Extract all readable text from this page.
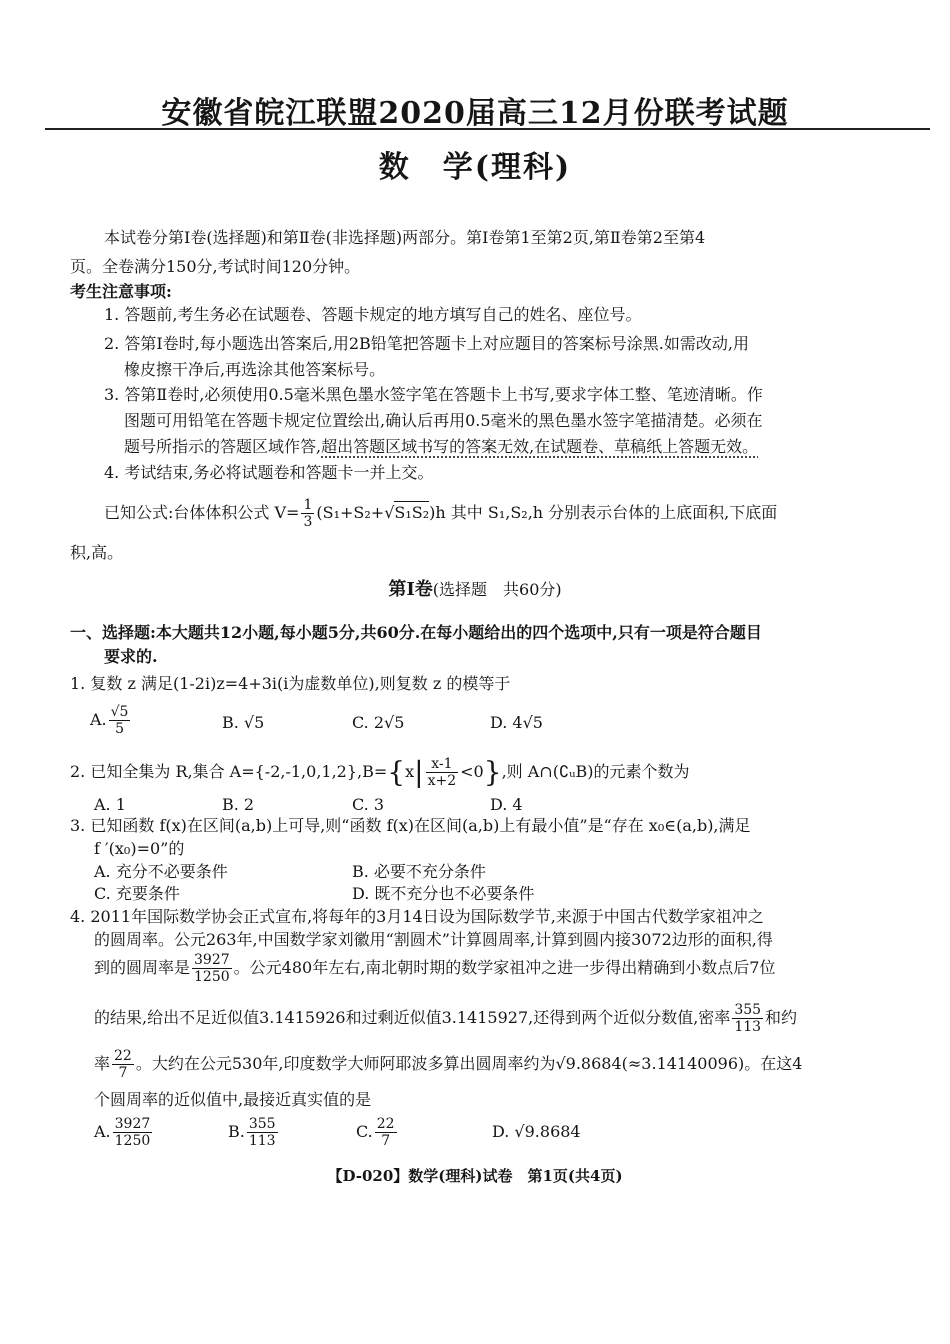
安徽省皖江联盟2020届高三12月份联考试题
数　学(理科)
本试卷分第Ⅰ卷(选择题)和第Ⅱ卷(非选择题)两部分。第Ⅰ卷第1至第2页,第Ⅱ卷第2至第4
页。全卷满分150分,考试时间120分钟。
考生注意事项:
1. 答题前,考生务必在试题卷、答题卡规定的地方填写自己的姓名、座位号。
2. 答第Ⅰ卷时,每小题选出答案后,用2B铅笔把答题卡上对应题目的答案标号涂黑.如需改动,用
橡皮擦干净后,再选涂其他答案标号。
3. 答第Ⅱ卷时,必须使用0.5毫米黑色墨水签字笔在答题卡上书写,要求字体工整、笔迹清晰。作
图题可用铅笔在答题卡规定位置绘出,确认后再用0.5毫米的黑色墨水签字笔描清楚。必须在
题号所指示的答题区域作答,超出答题区域书写的答案无效,在试题卷、草稿纸上答题无效。
4. 考试结束,务必将试题卷和答题卡一并上交。
已知公式:台体体积公式 $V= \frac{1}{3} (S_1+S_2+√S_1S_2)h$ 其中 S₁,S₂,h 分别表示台体的上底面积,下底面
积,高。
第Ⅰ卷(选择题　共60分)
一、选择题:本大题共12小题,每小题5分,共60分.在每小题给出的四个选项中,只有一项是符合题目
要求的.
1. 复数 z 满足(1-2i)z=4+3i(i为虚数单位),则复数 z 的模等于
A. $\frac{√5}{5}$	B. √5	C. 2√5	D. 4√5
2. 已知全集为 R,集合 $A=\{-2,-1,0,1,2\},B=\{x| \frac{x-1}{x+2} <0\}$,则 A∩(∁ᵤB)的元素个数为
A. 1	B. 2	C. 3	D. 4
3. 已知函数 f(x)在区间(a,b)上可导,则“函数 f(x)在区间(a,b)上有最小值”是“存在 x₀∈(a,b),满足
f ′(x₀)=0”的
A. 充分不必要条件	B. 必要不充分条件
C. 充要条件	D. 既不充分也不必要条件
4. 2011年国际数学协会正式宣布,将每年的3月14日设为国际数学节,来源于中国古代数学家祖冲之
的圆周率。公元263年,中国数学家刘徽用“割圆术”计算圆周率,计算到圆内接3072边形的面积,得
到的圆周率是 $\frac{3927}{1250}$ 。公元480年左右,南北朝时期的数学家祖冲之进一步得出精确到小数点后7位
的结果,给出不足近似值3.1415926和过剩近似值3.1415927,还得到两个近似分数值,密率 $\frac{355}{113}$ 和约
率 $\frac{22}{7}$ 。大约在公元530年,印度数学大师阿耶波多算出圆周率约为√9.8684(≈3.14140096)。在这4
个圆周率的近似值中,最接近真实值的是
A. $\frac{3927}{1250}$	B. $\frac{355}{113}$	C. $\frac{22}{7}$	D. √9.8684
【D-020】数学(理科)试卷　第1页(共4页)
